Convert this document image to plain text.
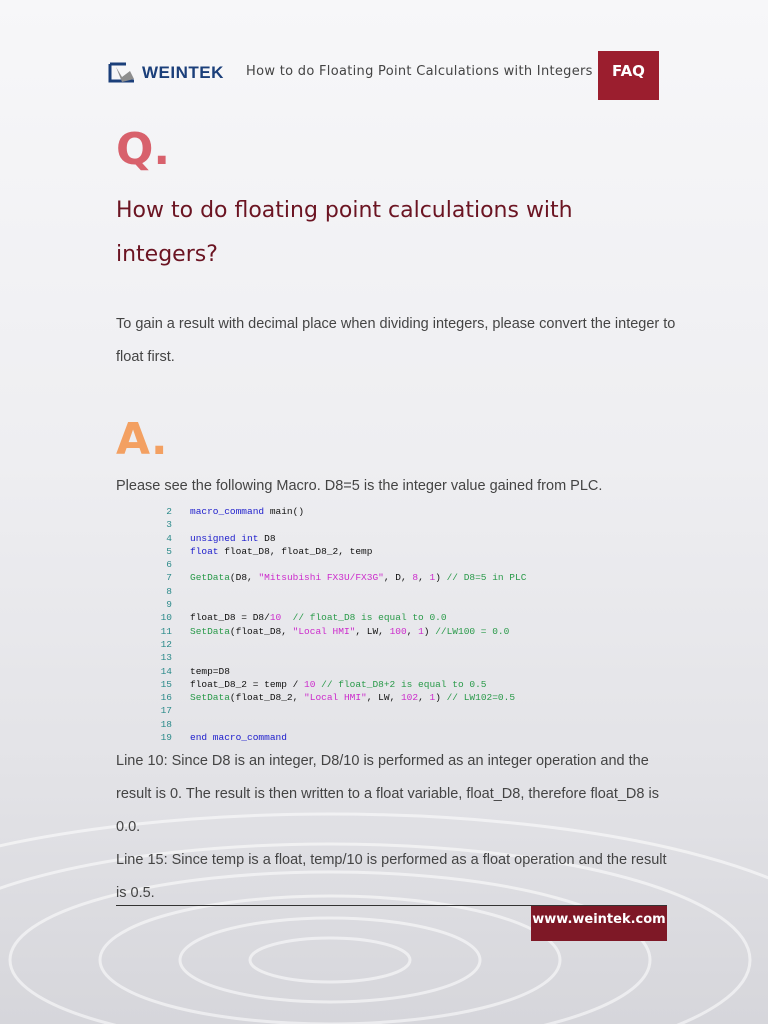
WEINTEK How to do Floating Point Calculations with Integers	FAQ
Q.
How to do floating point calculations with integers?

To gain a result with decimal place when dividing integers, please convert the integer to float first.

A.

Please see the following Macro. D8=5 is the integer value gained from PLC.

2 macro_command main()
3
4 unsigned int D8
5 float float_D8, float_D8_2, temp
6
7 GetData (D8, "Mitsubishi FX3U/FX3G" , D, 8 , 1 ) // D8=5 in PLC
8
9
10 float_D8 = D8/ 10
// float_D8 is equal to 0.0
11 SetData (float_D8, "Local HMI" , LW, 100 , 1 ) //LW100 = 0.0
12
13
14 temp=D8
15 float_D8_2 = temp / 10
// float_D8+2 is equal to 0.5
16 SetData (float_D8_2, "Local HMI" , LW, 102 , 1 ) // LW102=0.5
17
18
19 end macro_command
Line 10: Since D8 is an integer, D8/10 is performed as an integer operation and the result is 0. The result is then written to a float variable, float_D8, therefore float_D8 is 0.0.
Line 15: Since temp is a float, temp/10 is performed as a float operation and the result is 0.5.
www.weintek.com
